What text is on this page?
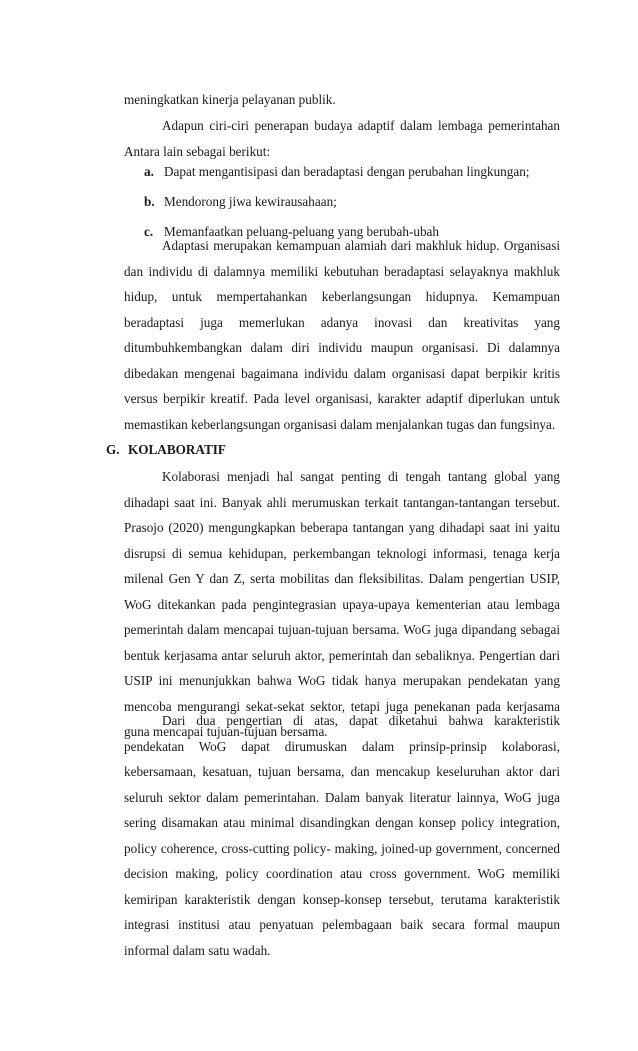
meningkatkan kinerja pelayanan publik.

Adapun ciri-ciri penerapan budaya adaptif dalam lembaga pemerintahan Antara lain sebagai berikut:

a. Dapat mengantisipasi dan beradaptasi dengan perubahan lingkungan;
b. Mendorong jiwa kewirausahaan;
c. Memanfaatkan peluang-peluang yang berubah-ubah

Adaptasi merupakan kemampuan alamiah dari makhluk hidup. Organisasi dan individu di dalamnya memiliki kebutuhan beradaptasi selayaknya makhluk hidup, untuk mempertahankan keberlangsungan hidupnya. Kemampuan beradaptasi juga memerlukan adanya inovasi dan kreativitas yang ditumbuhkembangkan dalam diri individu maupun organisasi. Di dalamnya dibedakan mengenai bagaimana individu dalam organisasi dapat berpikir kritis versus berpikir kreatif. Pada level organisasi, karakter adaptif diperlukan untuk memastikan keberlangsungan organisasi dalam menjalankan tugas dan fungsinya.

G. KOLABORATIF

Kolaborasi menjadi hal sangat penting di tengah tantang global yang dihadapi saat ini. Banyak ahli merumuskan terkait tantangan-tantangan tersebut. Prasojo (2020) mengungkapkan beberapa tantangan yang dihadapi saat ini yaitu disrupsi di semua kehidupan, perkembangan teknologi informasi, tenaga kerja milenal Gen Y dan Z, serta mobilitas dan fleksibilitas. Dalam pengertian USIP, WoG ditekankan pada pengintegrasian upaya-upaya kementerian atau lembaga pemerintah dalam mencapai tujuan-tujuan bersama. WoG juga dipandang sebagai bentuk kerjasama antar seluruh aktor, pemerintah dan sebaliknya. Pengertian dari USIP ini menunjukkan bahwa WoG tidak hanya merupakan pendekatan yang mencoba mengurangi sekat-sekat sektor, tetapi juga penekanan pada kerjasama guna mencapai tujuan-tujuan bersama.

Dari dua pengertian di atas, dapat diketahui bahwa karakteristik pendekatan WoG dapat dirumuskan dalam prinsip-prinsip kolaborasi, kebersamaan, kesatuan, tujuan bersama, dan mencakup keseluruhan aktor dari seluruh sektor dalam pemerintahan. Dalam banyak literatur lainnya, WoG juga sering disamakan atau minimal disandingkan dengan konsep policy integration, policy coherence, cross-cutting policy- making, joined-up government, concerned decision making, policy coordination atau cross government. WoG memiliki kemiripan karakteristik dengan konsep-konsep tersebut, terutama karakteristik integrasi institusi atau penyatuan pelembagaan baik secara formal maupun informal dalam satu wadah.
